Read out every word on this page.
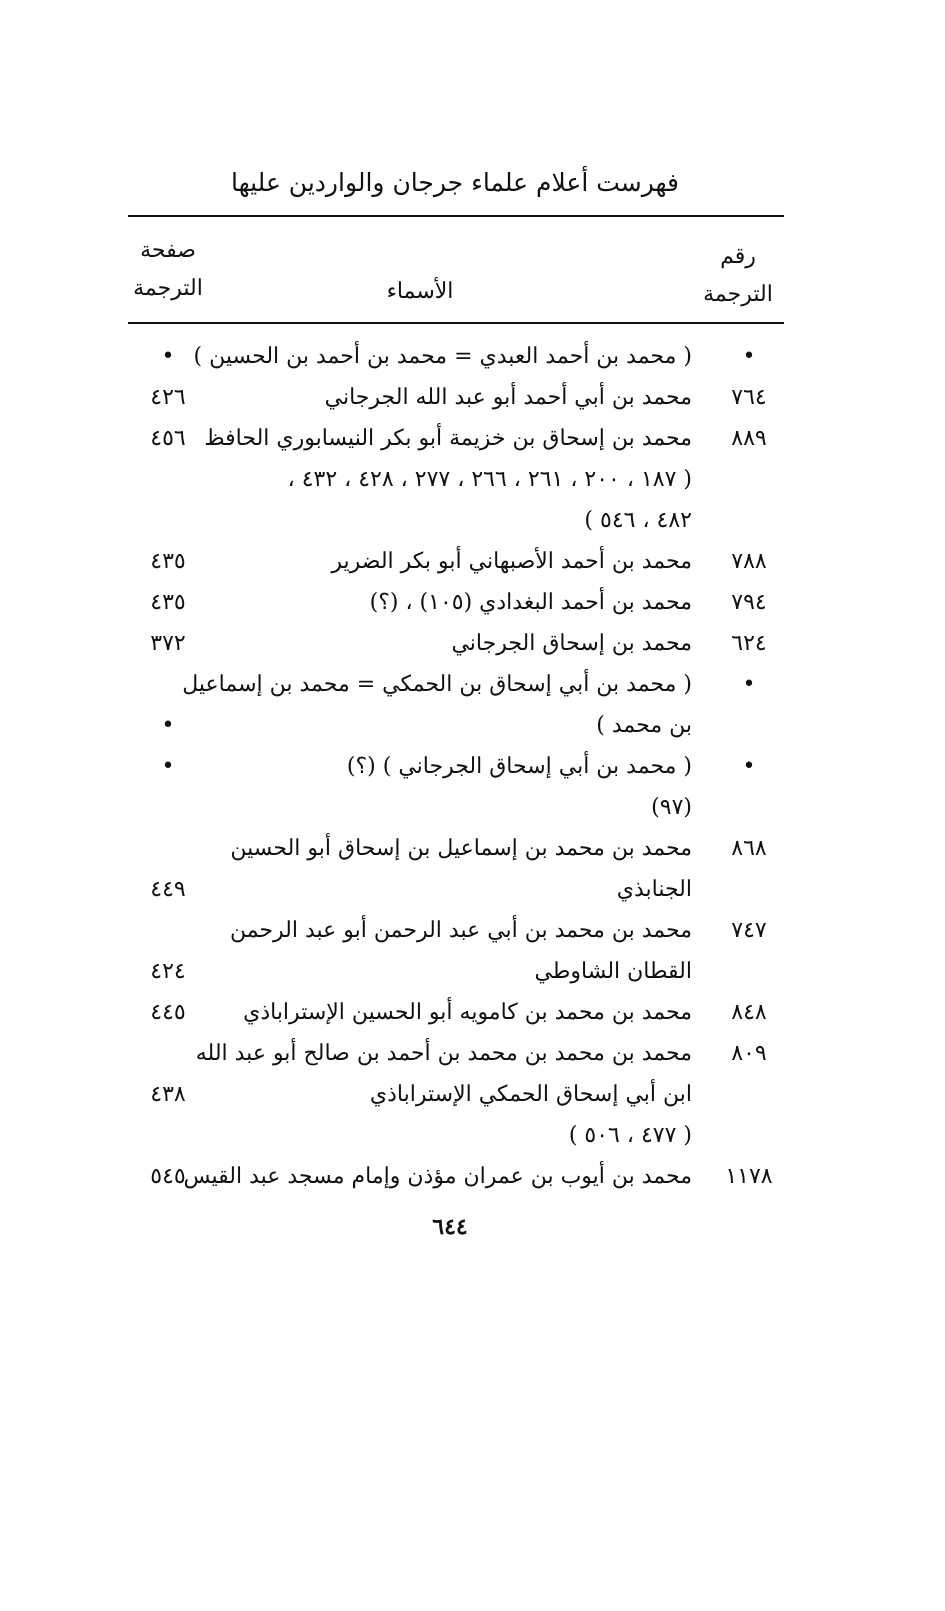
فهرست أعلام علماء جرجان والواردين عليها
رقم
الترجمة
الأسماء
صفحة
الترجمة
•
( محمد بن أحمد العبدي = محمد بن أحمد بن الحسين )
•
٧٦٤
محمد بن أبي أحمد أبو عبد الله الجرجاني
٤٢٦
٨٨٩
محمد بن إسحاق بن خزيمة أبو بكر النيسابوري الحافظ
( ١٨٧ ، ٢٠٠ ، ٢٦١ ، ٢٦٦ ، ٢٧٧ ، ٤٢٨ ، ٤٣٢ ،
٤٨٢ ، ٥٤٦ )
٤٥٦
٧٨٨
محمد بن أحمد الأصبهاني أبو بكر الضرير
٤٣٥
٧٩٤
محمد بن أحمد البغدادي (١٠٥) ، (؟)
٤٣٥
٦٢٤
محمد بن إسحاق الجرجاني
٣٧٢
•
( محمد بن أبي إسحاق بن الحمكي = محمد بن إسماعيل
بن محمد )
•
•
( محمد بن أبي إسحاق الجرجاني ) (؟)
(٩٧)
•
٨٦٨
محمد بن محمد بن إسماعيل بن إسحاق أبو الحسين
الجنابذي
٤٤٩
٧٤٧
محمد بن محمد بن أبي عبد الرحمن أبو عبد الرحمن
القطان الشاوطي
٤٢٤
٨٤٨
محمد بن محمد بن كامويه أبو الحسين الإستراباذي
٤٤٥
٨٠٩
محمد بن محمد بن محمد بن أحمد بن صالح أبو عبد الله
ابن أبي إسحاق الحمكي الإستراباذي
( ٤٧٧ ، ٥٠٦ )
٤٣٨
١١٧٨
محمد بن أيوب بن عمران مؤذن وإمام مسجد عبد القيس
٥٤٥
٦٤٤
